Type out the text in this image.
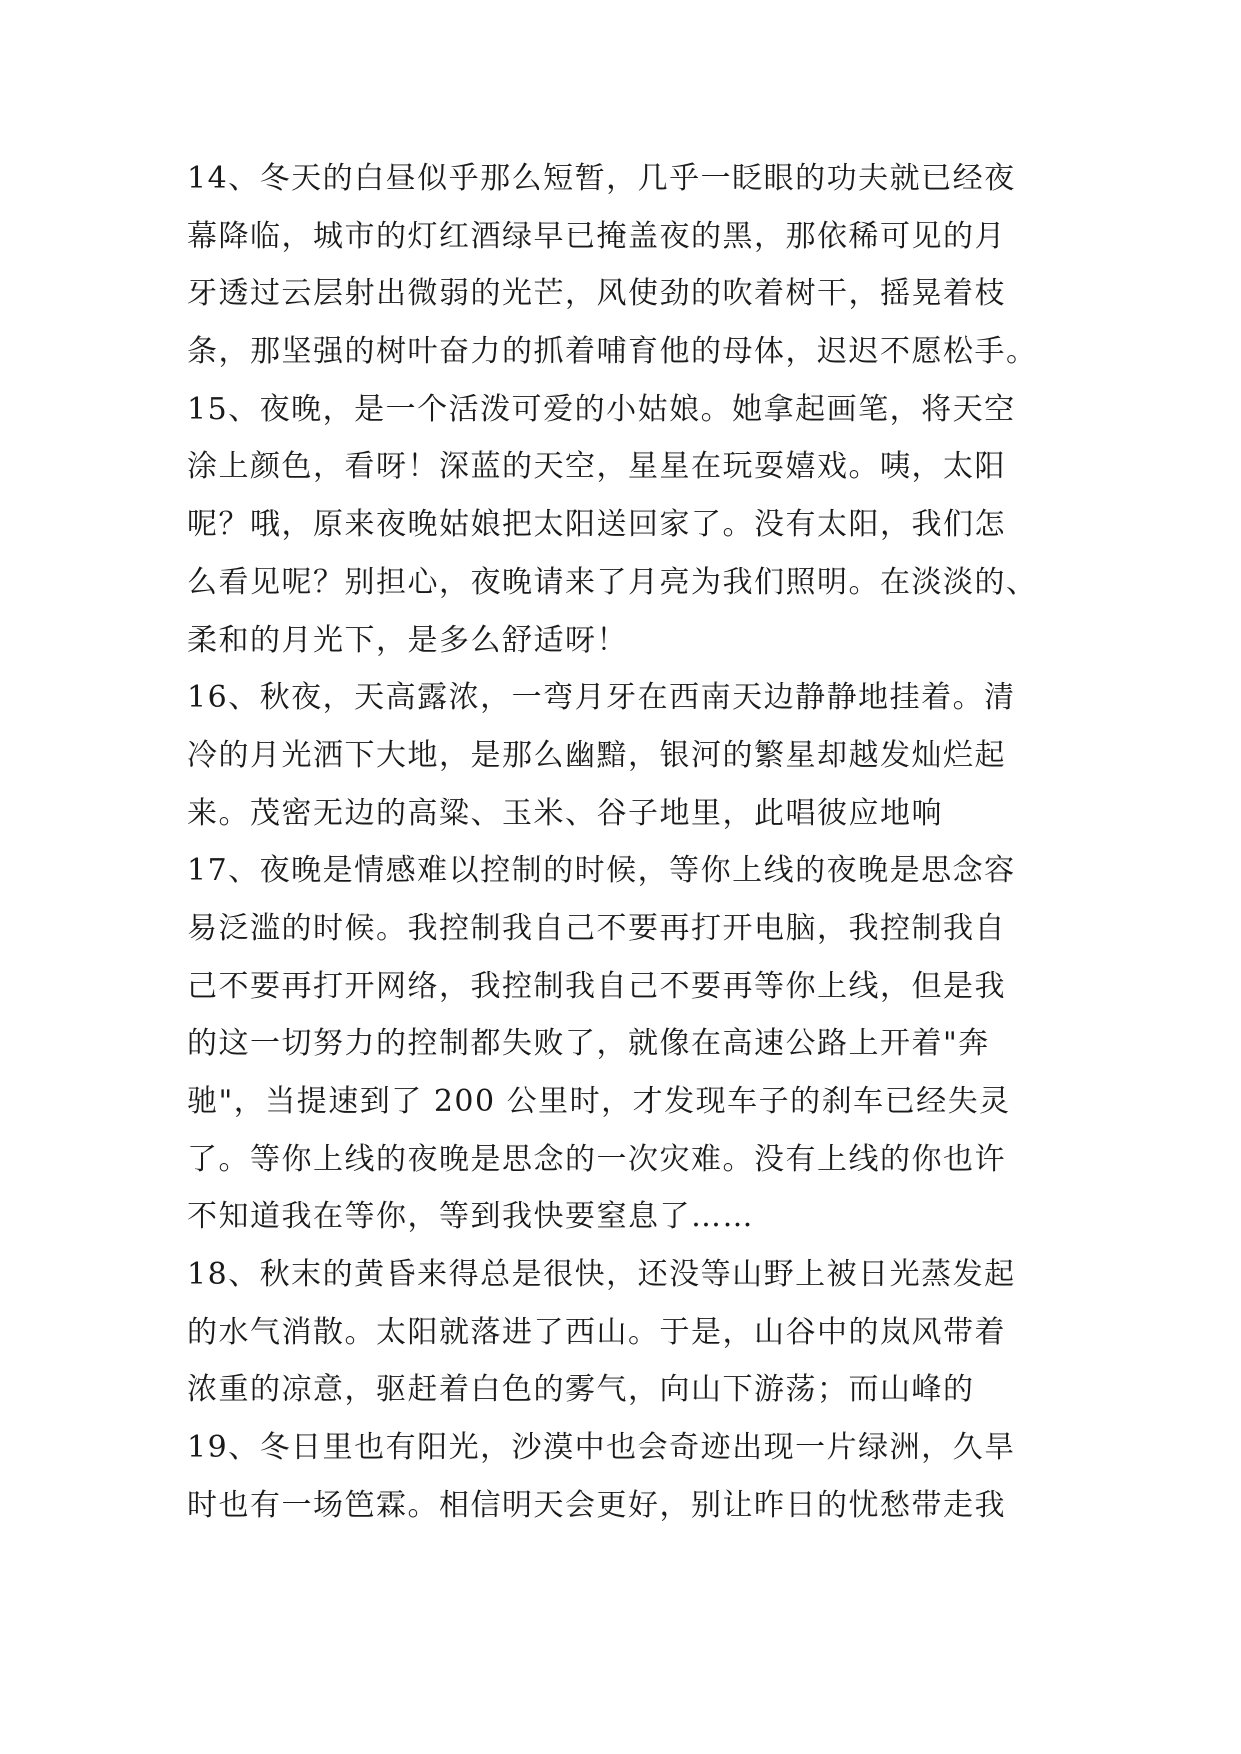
14、冬天的白昼似乎那么短暂，几乎一眨眼的功夫就已经夜
幕降临，城市的灯红酒绿早已掩盖夜的黑，那依稀可见的月
牙透过云层射出微弱的光芒，风使劲的吹着树干，摇晃着枝
条，那坚强的树叶奋力的抓着哺育他的母体，迟迟不愿松手。
15、夜晚，是一个活泼可爱的小姑娘。她拿起画笔，将天空
涂上颜色，看呀！深蓝的天空，星星在玩耍嬉戏。咦，太阳
呢？哦，原来夜晚姑娘把太阳送回家了。没有太阳，我们怎
么看见呢？别担心，夜晚请来了月亮为我们照明。在淡淡的、
柔和的月光下，是多么舒适呀！
16、秋夜，天高露浓，一弯月牙在西南天边静静地挂着。清
冷的月光洒下大地，是那么幽黯，银河的繁星却越发灿烂起
来。茂密无边的高粱、玉米、谷子地里，此唱彼应地响
17、夜晚是情感难以控制的时候，等你上线的夜晚是思念容
易泛滥的时候。我控制我自己不要再打开电脑，我控制我自
己不要再打开网络，我控制我自己不要再等你上线，但是我
的这一切努力的控制都失败了，就像在高速公路上开着"奔
驰"，当提速到了 200 公里时，才发现车子的刹车已经失灵
了。等你上线的夜晚是思念的一次灾难。没有上线的你也许
不知道我在等你，等到我快要窒息了……
18、秋末的黄昏来得总是很快，还没等山野上被日光蒸发起
的水气消散。太阳就落进了西山。于是，山谷中的岚风带着
浓重的凉意，驱赶着白色的雾气，向山下游荡；而山峰的
19、冬日里也有阳光，沙漠中也会奇迹出现一片绿洲，久旱
时也有一场笆霖。相信明天会更好，别让昨日的忧愁带走我
